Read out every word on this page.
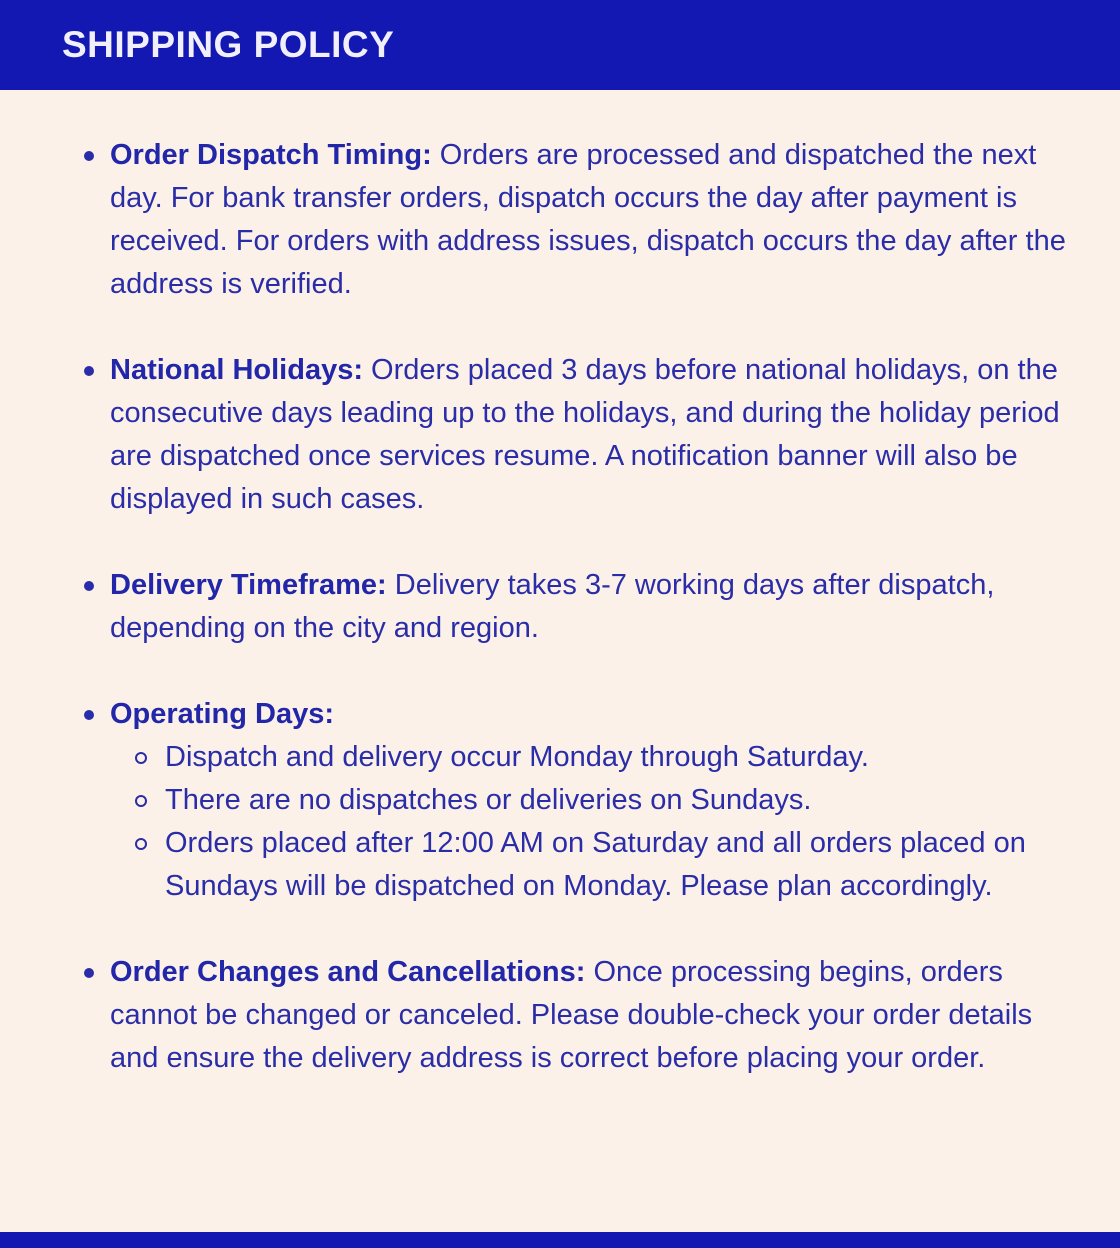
SHIPPING POLICY
Order Dispatch Timing: Orders are processed and dispatched the next day. For bank transfer orders, dispatch occurs the day after payment is received. For orders with address issues, dispatch occurs the day after the address is verified.
National Holidays: Orders placed 3 days before national holidays, on the consecutive days leading up to the holidays, and during the holiday period are dispatched once services resume. A notification banner will also be displayed in such cases.
Delivery Timeframe: Delivery takes 3-7 working days after dispatch, depending on the city and region.
Operating Days:
Dispatch and delivery occur Monday through Saturday.
There are no dispatches or deliveries on Sundays.
Orders placed after 12:00 AM on Saturday and all orders placed on Sundays will be dispatched on Monday. Please plan accordingly.
Order Changes and Cancellations: Once processing begins, orders cannot be changed or canceled. Please double-check your order details and ensure the delivery address is correct before placing your order.
